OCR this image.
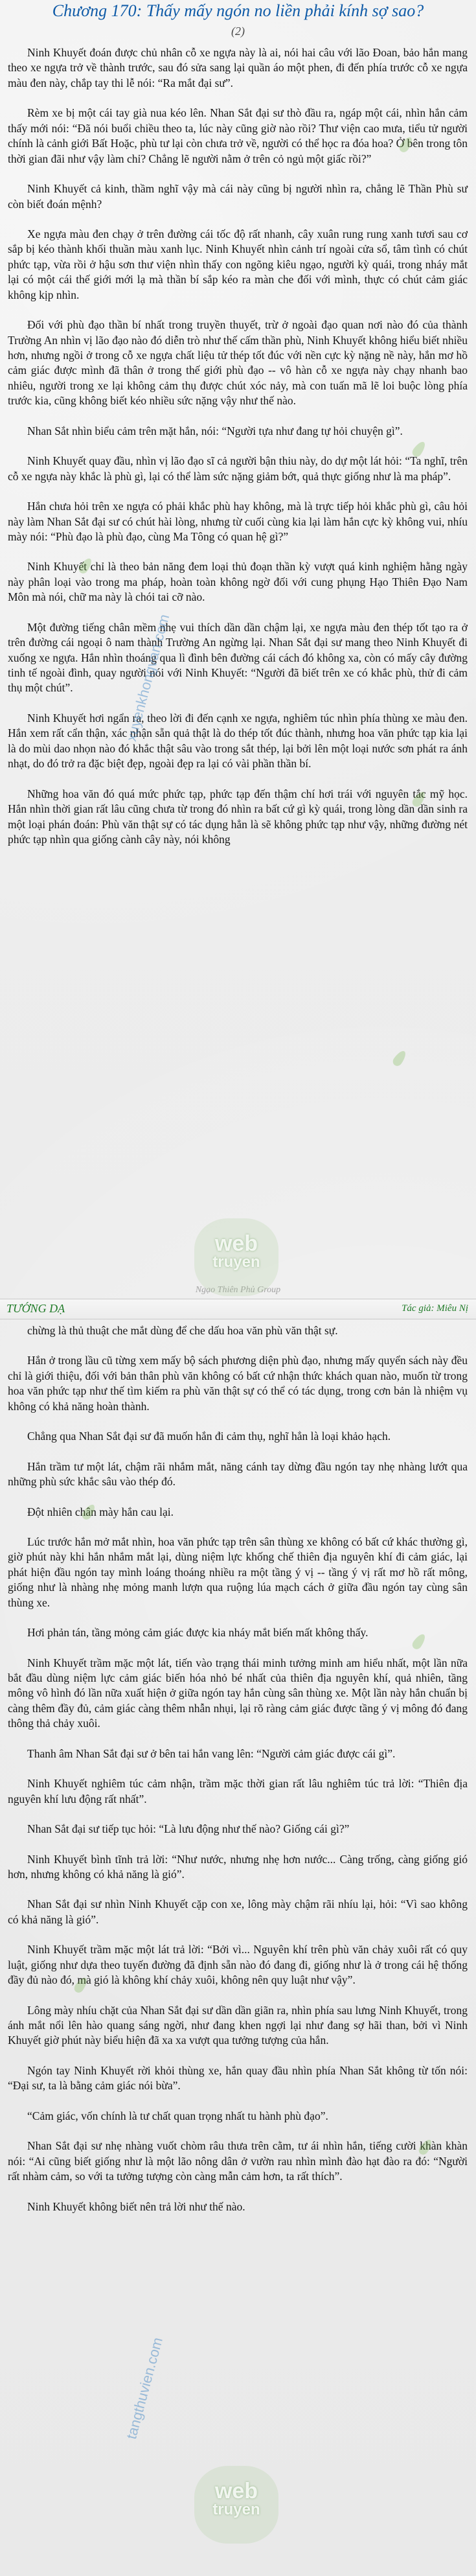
Chương 170: Thấy mấy ngón no liền phải kính sợ sao?
(2)

Ninh Khuyết đoán được chủ nhân cỗ xe ngựa này là ai, nói hai câu với lão Đoan, bảo hắn mang theo xe ngựa trở về thành trước, sau đó sửa sang lại quần áo một phen, đi đến phía trước cỗ xe ngựa màu đen này, chắp tay thi lễ nói: “Ra mắt đại sư”.

Rèm xe bị một cái tay già nua kéo lên. Nhan Sắt đại sư thò đầu ra, ngáp một cái, nhìn hắn cảm thấy mới nói: “Đã nói buổi chiều theo ta, lúc này cũng giờ nào rồi? Thư viện cao mưa, tiểu tử người chính là cảnh giới Bất Hoặc, phù tư lại còn chưa trở về, người có thể học ra đóa hoa? Ở bên trong tôn thời gian đãi như vậy làm chỉ? Chẳng lẽ người nằm ở trên cỏ ngủ một giấc rồi?”

Ninh Khuyết cả kinh, thầm nghĩ vậy mà cái này cũng bị người nhìn ra, chẳng lẽ Thần Phù sư còn biết đoán mệnh?

Xe ngựa màu đen chạy ở trên đường cái tốc độ rất nhanh, cây xuân rung rung xanh tươi sau cơ sắp bị kéo thành khối thuần màu xanh lục. Ninh Khuyết nhìn cảnh trí ngoài cửa sổ, tâm tình có chút phức tạp, vừa rồi ở hậu sơn thư viện nhìn thấy con ngõng kiêu ngạo, người kỳ quái, trong nháy mắt lại có một cái thế giới mới lạ mà thần bí sắp kéo ra màn che đối với mình, thực có chút cảm giác không kịp nhìn.

Đối với phù đạo thần bí nhất trong truyền thuyết, trừ ở ngoài đạo quan nơi nào đó của thành Trường An nhìn vị lão đạo nào đó diễn trò như thế cấm thần phù, Ninh Khuyết không hiểu biết nhiều hơn, nhưng ngồi ở trong cỗ xe ngựa chất liệu tử thép tốt đúc với nền cực kỳ nặng nề này, hắn mơ hồ cảm giác được mình đã thân ở trong thế giới phù đạo -- vô hàn cỗ xe ngựa này chạy nhanh bao nhiêu, người trong xe lại không cảm thụ được chút xóc nảy, mà con tuấn mã lẽ loi buộc lòng phía trước kia, cũng không biết kéo nhiều sức nặng vậy như thế nào.

Nhan Sắt nhìn biểu cảm trên mặt hắn, nói: “Người tựa như đang tự hỏi chuyện gì”.

Ninh Khuyết quay đầu, nhìn vị lão đạo sĩ cả người bận thiu này, do dự một lát hỏi: “Ta nghĩ, trên cỗ xe ngựa này khắc là phù gì, lại có thể làm sức nặng giảm bớt, quả thực giống như là ma pháp”.

Hắn chưa hỏi trên xe ngựa có phải khắc phù hay không, mà là trực tiếp hỏi khắc phù gì, câu hỏi này làm Nhan Sắt đại sư có chút hài lòng, nhưng từ cuối cùng kia lại làm hắn cực kỳ không vui, nhíu mày nói: “Phù đạo là phù đạo, cùng Ma Tông có quan hệ gì?”

Ninh Khuyết chỉ là theo bản năng đem loại thủ đoạn thần kỳ vượt quá kinh nghiệm hằng ngày này phân loại vào trong ma pháp, hoàn toàn không ngờ đối với cung phụng Hạo Thiên Đạo Nam Môn mà nói, chữ ma này là chói tai cỡ nào.

Một đường tiếng chân mềm nhẹ vui thích dần dần chậm lại, xe ngựa màu đen thép tốt tạo ra ở trên đường cái ngoại ô nam thành Trường An ngừng lại. Nhan Sắt đại sư mang theo Ninh Khuyết đi xuống xe ngựa. Hắn nhìn thoáng qua lì đình bên đường cái cách đó không xa, còn có mấy cây đường tinh tế ngoài đình, quay người nói với Ninh Khuyết: “Người đã biết trên xe có khắc phù, thử đi cảm thụ một chút”.

Ninh Khuyết hơi ngẩn ra, theo lời đi đến cạnh xe ngựa, nghiêm túc nhìn phía thùng xe màu đen. Hắn xem rất cẩn thận, xác nhận sẵn quả thật là do thép tốt đúc thành, nhưng hoa văn phức tạp kia lại là do mùi dao nhọn nào đó khắc thật sâu vào trong sắt thép, lại bởi lên một loại nước sơn phát ra ánh nhạt, do đó trở ra đặc biệt đẹp, ngoài đẹp ra lại có vài phần thần bí.

Những hoa văn đó quá mức phức tạp, phức tạp đến thậm chí hơi trái với nguyên tắc mỹ học. Hắn nhìn thời gian rất lâu cũng chưa từ trong đó nhìn ra bất cứ gì kỳ quái, trong lòng dần dần sinh ra một loại phán đoán: Phù văn thật sự có tác dụng hẳn là sẽ không phức tạp như vậy, những đường nét phức tạp nhìn qua giống cành cây này, nói không

Ngạo Thiên Phủ Group
TƯỚNG DẠ	Tác giả: Miêu Nị

chừng là thủ thuật che mắt dùng để che dấu hoa văn phù văn thật sự.

Hắn ở trong lầu cũ từng xem mấy bộ sách phương diện phù đạo, nhưng mấy quyển sách này đều chỉ là giới thiệu, đối với bản thân phù văn không có bất cứ nhận thức khách quan nào, muốn từ trong hoa văn phức tạp như thế tìm kiếm ra phù văn thật sự có thể có tác dụng, trong cơn bản là nhiệm vụ không có khả năng hoàn thành.

Chẳng qua Nhan Sắt đại sư đã muốn hắn đi cảm thụ, nghĩ hẳn là loại khảo hạch.

Hắn trầm tư một lát, chậm rãi nhắm mắt, năng cánh tay dừng đầu ngón tay nhẹ nhàng lướt qua những phù sức khắc sâu vào thép đó.

Đột nhiên chân mày hắn cau lại.

Lúc trước hắn mở mắt nhìn, hoa văn phức tạp trên sân thùng xe không có bất cứ khác thường gì, giờ phút này khi hắn nhắm mắt lại, dùng niệm lực khống chế thiên địa nguyên khí đi cảm giác, lại phát hiện đầu ngón tay mình loáng thoáng nhiều ra một tầng ý vị -- tầng ý vị rất mơ hồ rất mông, giống như là nhàng nhẹ mỏng manh lượn qua ruộng lúa mạch cách ở giữa đầu ngón tay cùng sân thùng xe.

Hơi phản tán, tầng mỏng cảm giác được kia nháy mắt biến mất không thấy.

Ninh Khuyết trầm mặc một lát, tiến vào trạng thái minh tưởng minh am hiểu nhất, một lần nữa bắt đầu dùng niệm lực cảm giác biến hóa nhỏ bé nhất của thiên địa nguyên khí, quả nhiên, tầng mông vô hình đó lần nữa xuất hiện ở giữa ngón tay hắn cùng sân thùng xe. Một lần này hắn chuẩn bị càng thêm đầy đủ, cảm giác càng thêm nhẫn nhụi, lại rõ ràng cảm giác được tầng ý vị mông đó đang thông thả chảy xuôi.

Thanh âm Nhan Sắt đại sư ở bên tai hắn vang lên: “Người cảm giác được cái gì”.

Ninh Khuyết nghiêm túc cảm nhận, trầm mặc thời gian rất lâu nghiêm túc trả lời: “Thiên địa nguyên khí lưu động rất nhất”.

Nhan Sắt đại sư tiếp tục hỏi: “Là lưu động như thế nào? Giống cái gì?”

Ninh Khuyết bình tĩnh trả lời: “Như nước, nhưng nhẹ hơn nước... Càng trống, càng giống gió hơn, nhưng không có khả năng là gió”.

Nhan Sắt đại sư nhìn Ninh Khuyết cặp con xe, lông mày chậm rãi nhíu lại, hỏi: “Vì sao không có khả năng là gió”.

Ninh Khuyết trầm mặc một lát trả lời: “Bởi vì... Nguyên khí trên phù văn chảy xuôi rất có quy luật, giống như dựa theo tuyến đường đã định sẵn nào đó đang đi, giống như là ở trong cái hệ thống đầy đủ nào đó, mà gió là không khí chảy xuôi, không nên quy luật như vậy”.

Lông mày nhíu chặt của Nhan Sắt đại sư dần dần giãn ra, nhìn phía sau lưng Ninh Khuyết, trong ánh mắt nổi lên hào quang sáng ngời, như đang khen ngợi lại như đang sợ hãi than, bởi vì Ninh Khuyết giờ phút này biểu hiện đã xa xa vượt qua tưởng tượng của hắn.

Ngón tay Ninh Khuyết rời khỏi thùng xe, hắn quay đầu nhìn phía Nhan Sắt không từ tốn nói: “Đại sư, ta là bằng cảm giác nói bừa”.

“Cảm giác, vốn chính là tư chất quan trọng nhất tu hành phù đạo”.

Nhan Sắt đại sư nhẹ nhàng vuốt chòm râu thưa trên cằm, tư ái nhìn hắn, tiếng cười khàn khàn nói: “Ai cũng biết giống như là một lão nông dân ở vườn rau nhìn mình đào hạt đào ra đó: “Người rất nhàm cảm, so với ta tưởng tượng còn càng mẫn cảm hơn, ta rất thích”.

Ninh Khuyết không biết nên trả lời như thế nào.

xuyenkhongvan.com
tangthuvien.com
web
truyen
web
truyen
